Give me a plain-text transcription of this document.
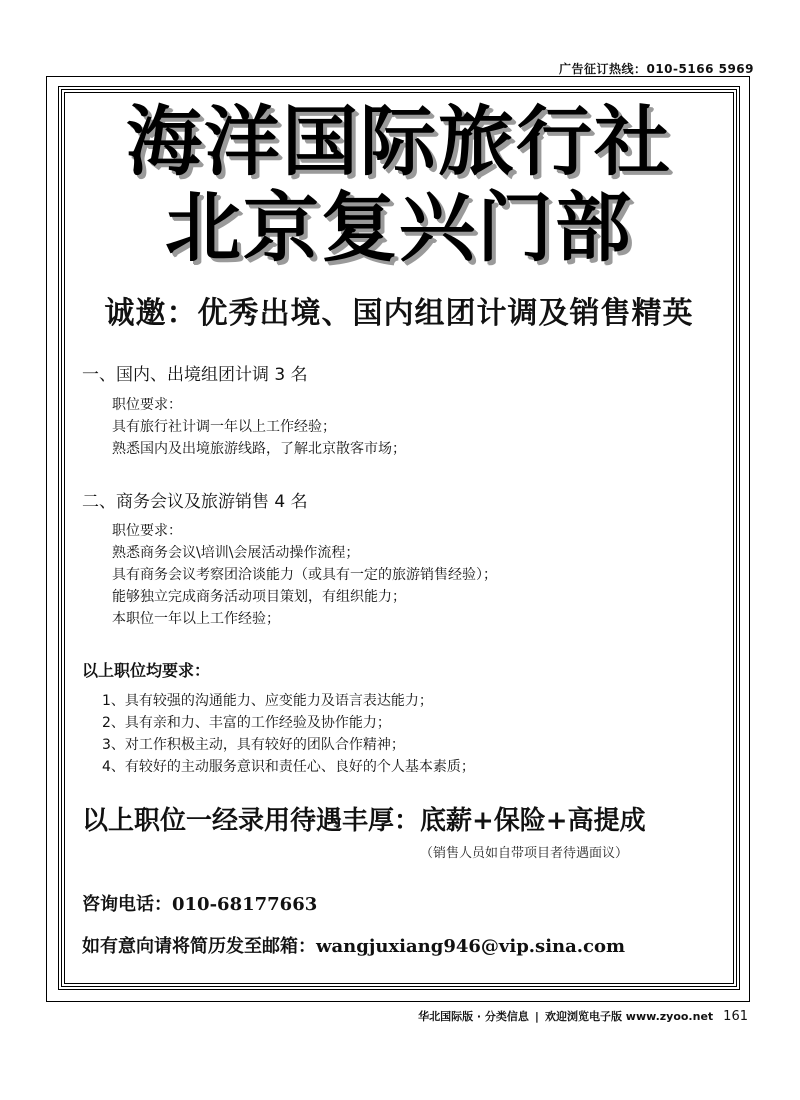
广告征订热线：010-5166 5969
海洋国际旅行社
北京复兴门部
诚邀：优秀出境、国内组团计调及销售精英
一、国内、出境组团计调 3 名
职位要求：
具有旅行社计调一年以上工作经验；
熟悉国内及出境旅游线路，了解北京散客市场；
二、商务会议及旅游销售 4 名
职位要求：
熟悉商务会议\培训\会展活动操作流程；
具有商务会议考察团洽谈能力（或具有一定的旅游销售经验）；
能够独立完成商务活动项目策划，有组织能力；
本职位一年以上工作经验；
以上职位均要求：
1、具有较强的沟通能力、应变能力及语言表达能力；
2、具有亲和力、丰富的工作经验及协作能力；
3、对工作积极主动，具有较好的团队合作精神；
4、有较好的主动服务意识和责任心、良好的个人基本素质；
以上职位一经录用待遇丰厚：底薪+保险+高提成
（销售人员如自带项目者待遇面议）
咨询电话：010-68177663
如有意向请将简历发至邮箱：wangjuxiang946@vip.sina.com
华北国际版 · 分类信息 | 欢迎浏览电子版 www.zyoo.net 161
